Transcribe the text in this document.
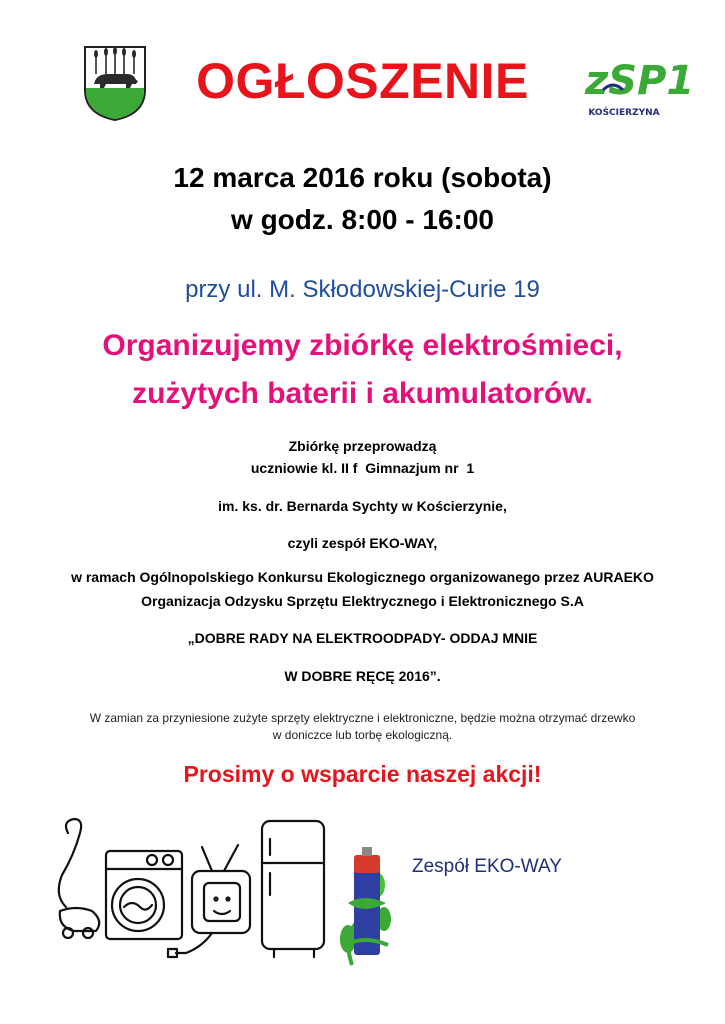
zSP1
KOŚCIERZYNA
OGŁOSZENIE
12 marca 2016 roku (sobota)
w godz. 8:00 - 16:00
przy ul. M. Skłodowskiej-Curie 19
Organizujemy zbiórkę elektrośmieci,
zużytych baterii i akumulatorów.
Zbiórkę przeprowadzą
uczniowie kl. II f  Gimnazjum nr  1
im. ks. dr. Bernarda Sychty w Kościerzynie,
czyli zespół EKO-WAY,
w ramach Ogólnopolskiego Konkursu Ekologicznego organizowanego przez AURAEKO
Organizacja Odzysku Sprzętu Elektrycznego i Elektronicznego S.A
„DOBRE RADY NA ELEKTROODPADY- ODDAJ MNIE
W DOBRE RĘCĘ 2016”.
W zamian za przyniesione zużyte sprzęty elektryczne i elektroniczne, będzie można otrzymać drzewko
w doniczce lub torbę ekologiczną.
Prosimy o wsparcie naszej akcji!
Zespół EKO-WAY
